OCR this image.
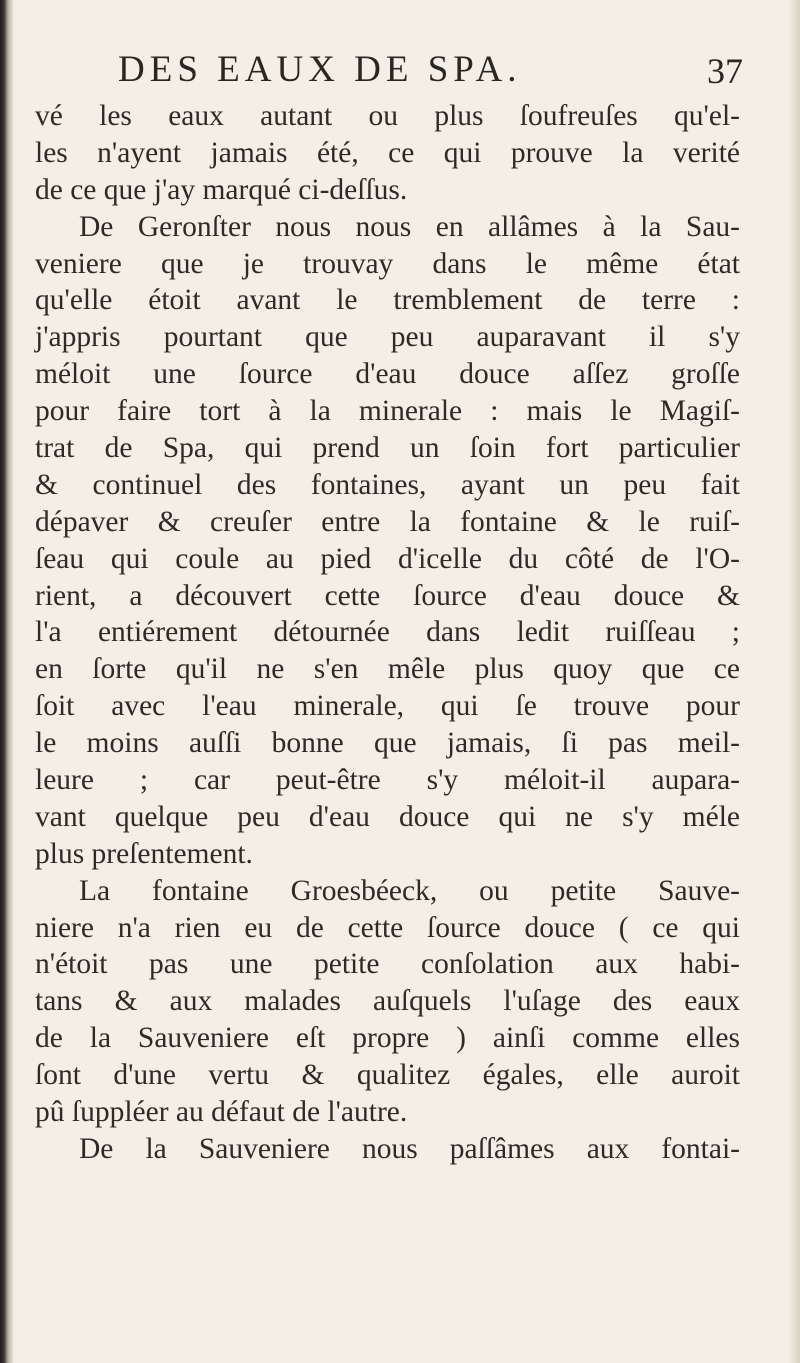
DES EAUX DE SPA.	37
vé les eaux autant ou plus ſoufreuſes qu'el-
les n'ayent jamais été, ce qui prouve la verité
de ce que j'ay marqué ci-deſſus.
De Geronſter nous nous en allâmes à la Sau-
veniere que je trouvay dans le même état
qu'elle étoit avant le tremblement de terre :
j'appris pourtant que peu auparavant il s'y
méloit une ſource d'eau douce aſſez groſſe
pour faire tort à la minerale : mais le Magiſ-
trat de Spa, qui prend un ſoin fort particulier
& continuel des fontaines, ayant un peu fait
dépaver & creuſer entre la fontaine & le ruiſ-
ſeau qui coule au pied d'icelle du côté de l'O-
rient, a découvert cette ſource d'eau douce &
l'a entiérement détournée dans ledit ruiſſeau ;
en ſorte qu'il ne s'en mêle plus quoy que ce
ſoit avec l'eau minerale, qui ſe trouve pour
le moins auſſi bonne que jamais, ſi pas meil-
leure ; car peut-être s'y méloit-il aupara-
vant quelque peu d'eau douce qui ne s'y méle
plus preſentement.
La fontaine Groesbéeck, ou petite Sauve-
niere n'a rien eu de cette ſource douce ( ce qui
n'étoit pas une petite conſolation aux habi-
tans & aux malades auſquels l'uſage des eaux
de la Sauveniere eſt propre ) ainſi comme elles
ſont d'une vertu & qualitez égales, elle auroit
pû ſuppléer au défaut de l'autre.
De la Sauveniere nous paſſâmes aux fontai-
